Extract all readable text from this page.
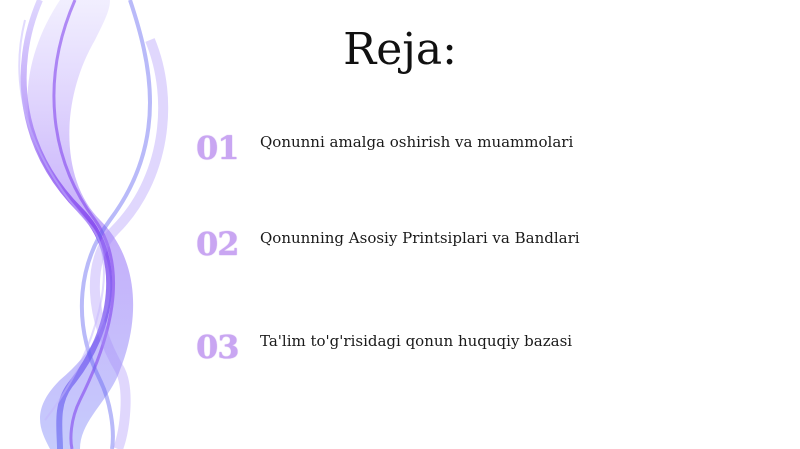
Reja:
01	Qonunni amalga oshirish va muammolari
02	Qonunning Asosiy Printsiplari va Bandlari
03	Ta'lim to'g'risidagi qonun huquqiy bazasi
